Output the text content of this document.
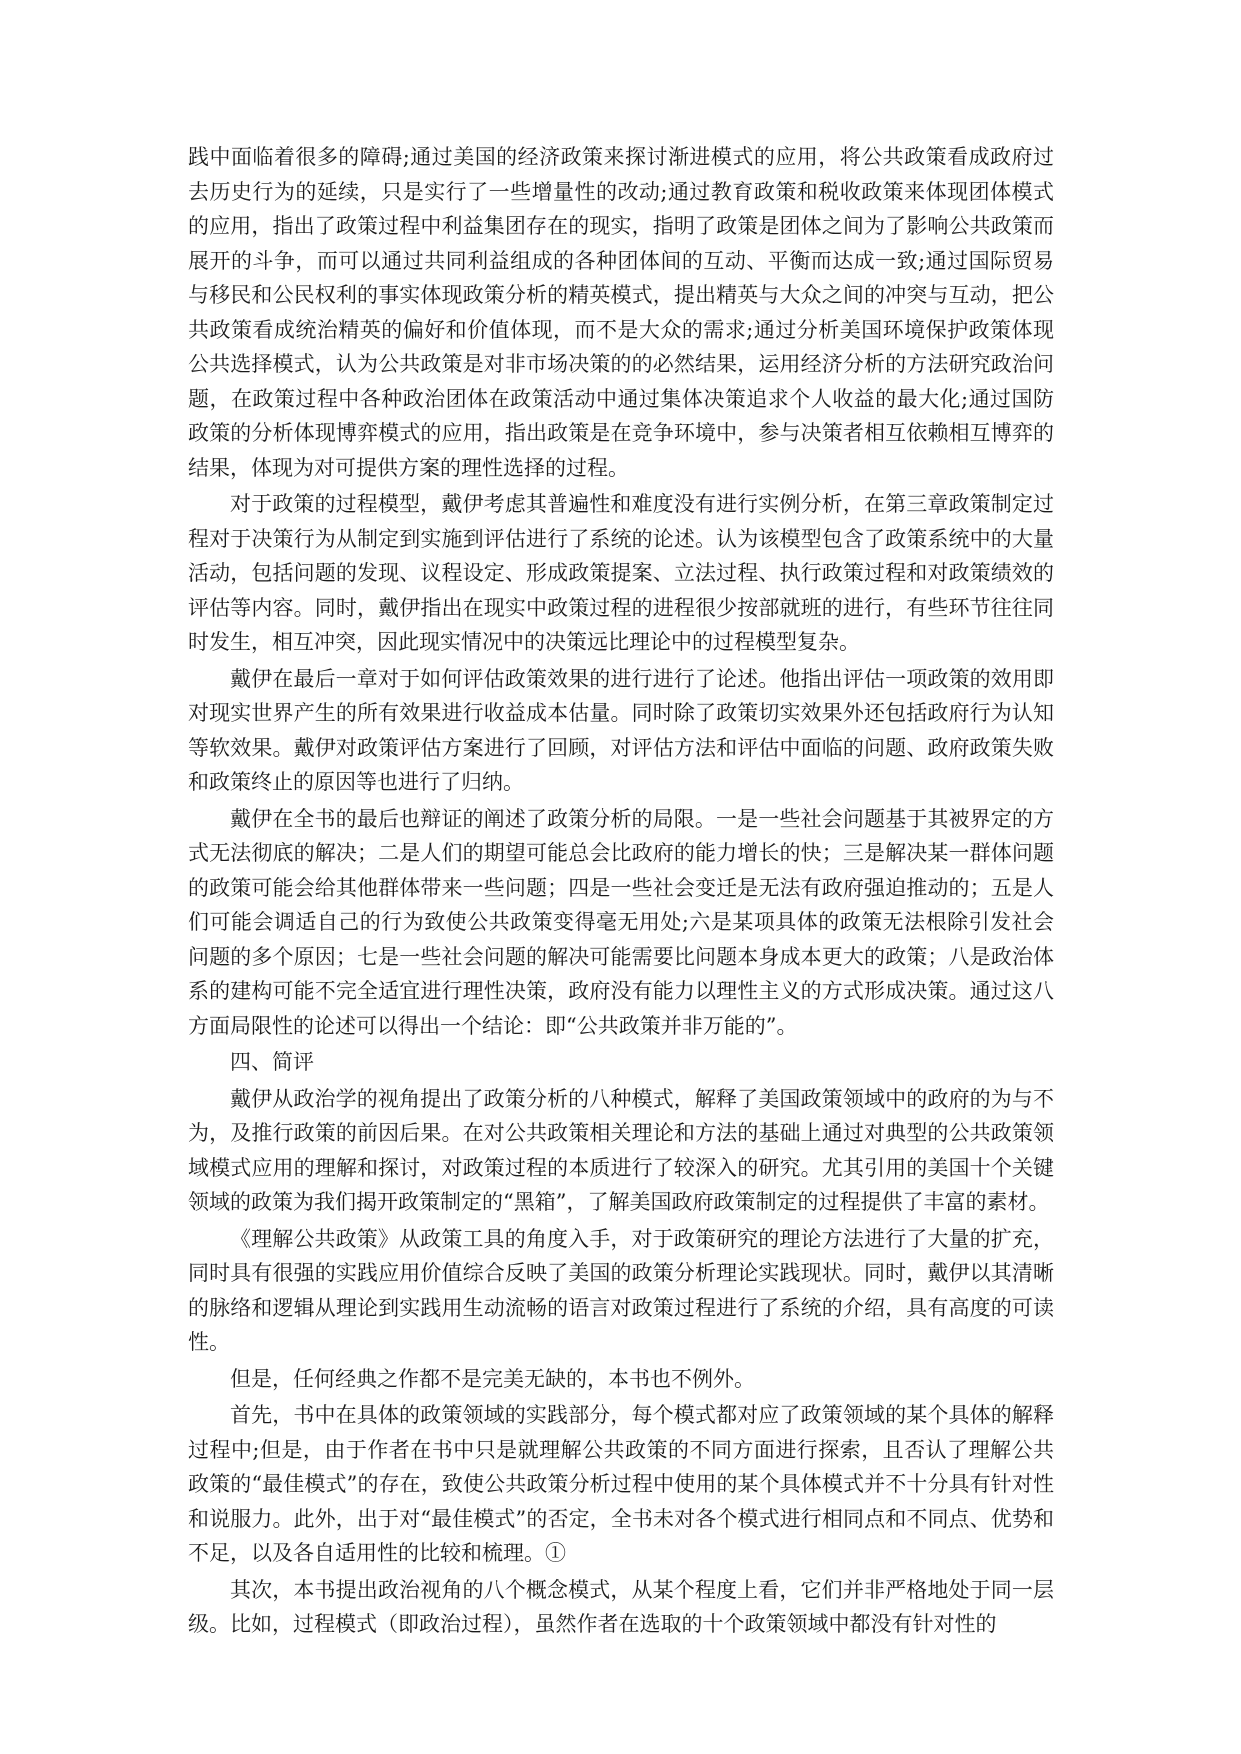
践中面临着很多的障碍;通过美国的经济政策来探讨渐进模式的应用，将公共政策看成政府过去历史行为的延续，只是实行了一些增量性的改动;通过教育政策和税收政策来体现团体模式的应用，指出了政策过程中利益集团存在的现实，指明了政策是团体之间为了影响公共政策而展开的斗争，而可以通过共同利益组成的各种团体间的互动、平衡而达成一致;通过国际贸易与移民和公民权利的事实体现政策分析的精英模式，提出精英与大众之间的冲突与互动，把公共政策看成统治精英的偏好和价值体现，而不是大众的需求;通过分析美国环境保护政策体现公共选择模式，认为公共政策是对非市场决策的的必然结果，运用经济分析的方法研究政治问题，在政策过程中各种政治团体在政策活动中通过集体决策追求个人收益的最大化;通过国防政策的分析体现博弈模式的应用，指出政策是在竞争环境中，参与决策者相互依赖相互博弈的结果，体现为对可提供方案的理性选择的过程。

对于政策的过程模型，戴伊考虑其普遍性和难度没有进行实例分析，在第三章政策制定过程对于决策行为从制定到实施到评估进行了系统的论述。认为该模型包含了政策系统中的大量活动，包括问题的发现、议程设定、形成政策提案、立法过程、执行政策过程和对政策绩效的评估等内容。同时，戴伊指出在现实中政策过程的进程很少按部就班的进行，有些环节往往同时发生，相互冲突，因此现实情况中的决策远比理论中的过程模型复杂。

戴伊在最后一章对于如何评估政策效果的进行进行了论述。他指出评估一项政策的效用即对现实世界产生的所有效果进行收益成本估量。同时除了政策切实效果外还包括政府行为认知等软效果。戴伊对政策评估方案进行了回顾，对评估方法和评估中面临的问题、政府政策失败和政策终止的原因等也进行了归纳。

戴伊在全书的最后也辩证的阐述了政策分析的局限。一是一些社会问题基于其被界定的方式无法彻底的解决；二是人们的期望可能总会比政府的能力增长的快；三是解决某一群体问题的政策可能会给其他群体带来一些问题；四是一些社会变迁是无法有政府强迫推动的；五是人们可能会调适自己的行为致使公共政策变得毫无用处;六是某项具体的政策无法根除引发社会问题的多个原因；七是一些社会问题的解决可能需要比问题本身成本更大的政策；八是政治体系的建构可能不完全适宜进行理性决策，政府没有能力以理性主义的方式形成决策。通过这八方面局限性的论述可以得出一个结论：即“公共政策并非万能的”。

四、简评

戴伊从政治学的视角提出了政策分析的八种模式，解释了美国政策领域中的政府的为与不为，及推行政策的前因后果。在对公共政策相关理论和方法的基础上通过对典型的公共政策领域模式应用的理解和探讨，对政策过程的本质进行了较深入的研究。尤其引用的美国十个关键领域的政策为我们揭开政策制定的“黑箱”，了解美国政府政策制定的过程提供了丰富的素材。

《理解公共政策》从政策工具的角度入手，对于政策研究的理论方法进行了大量的扩充，同时具有很强的实践应用价值综合反映了美国的政策分析理论实践现状。同时，戴伊以其清晰的脉络和逻辑从理论到实践用生动流畅的语言对政策过程进行了系统的介绍，具有高度的可读性。

但是，任何经典之作都不是完美无缺的，本书也不例外。

首先，书中在具体的政策领域的实践部分，每个模式都对应了政策领域的某个具体的解释过程中;但是，由于作者在书中只是就理解公共政策的不同方面进行探索，且否认了理解公共政策的“最佳模式”的存在，致使公共政策分析过程中使用的某个具体模式并不十分具有针对性和说服力。此外，出于对“最佳模式”的否定，全书未对各个模式进行相同点和不同点、优势和不足，以及各自适用性的比较和梳理。①

其次，本书提出政治视角的八个概念模式，从某个程度上看，它们并非严格地处于同一层级。比如，过程模式（即政治过程），虽然作者在选取的十个政策领域中都没有针对性的
